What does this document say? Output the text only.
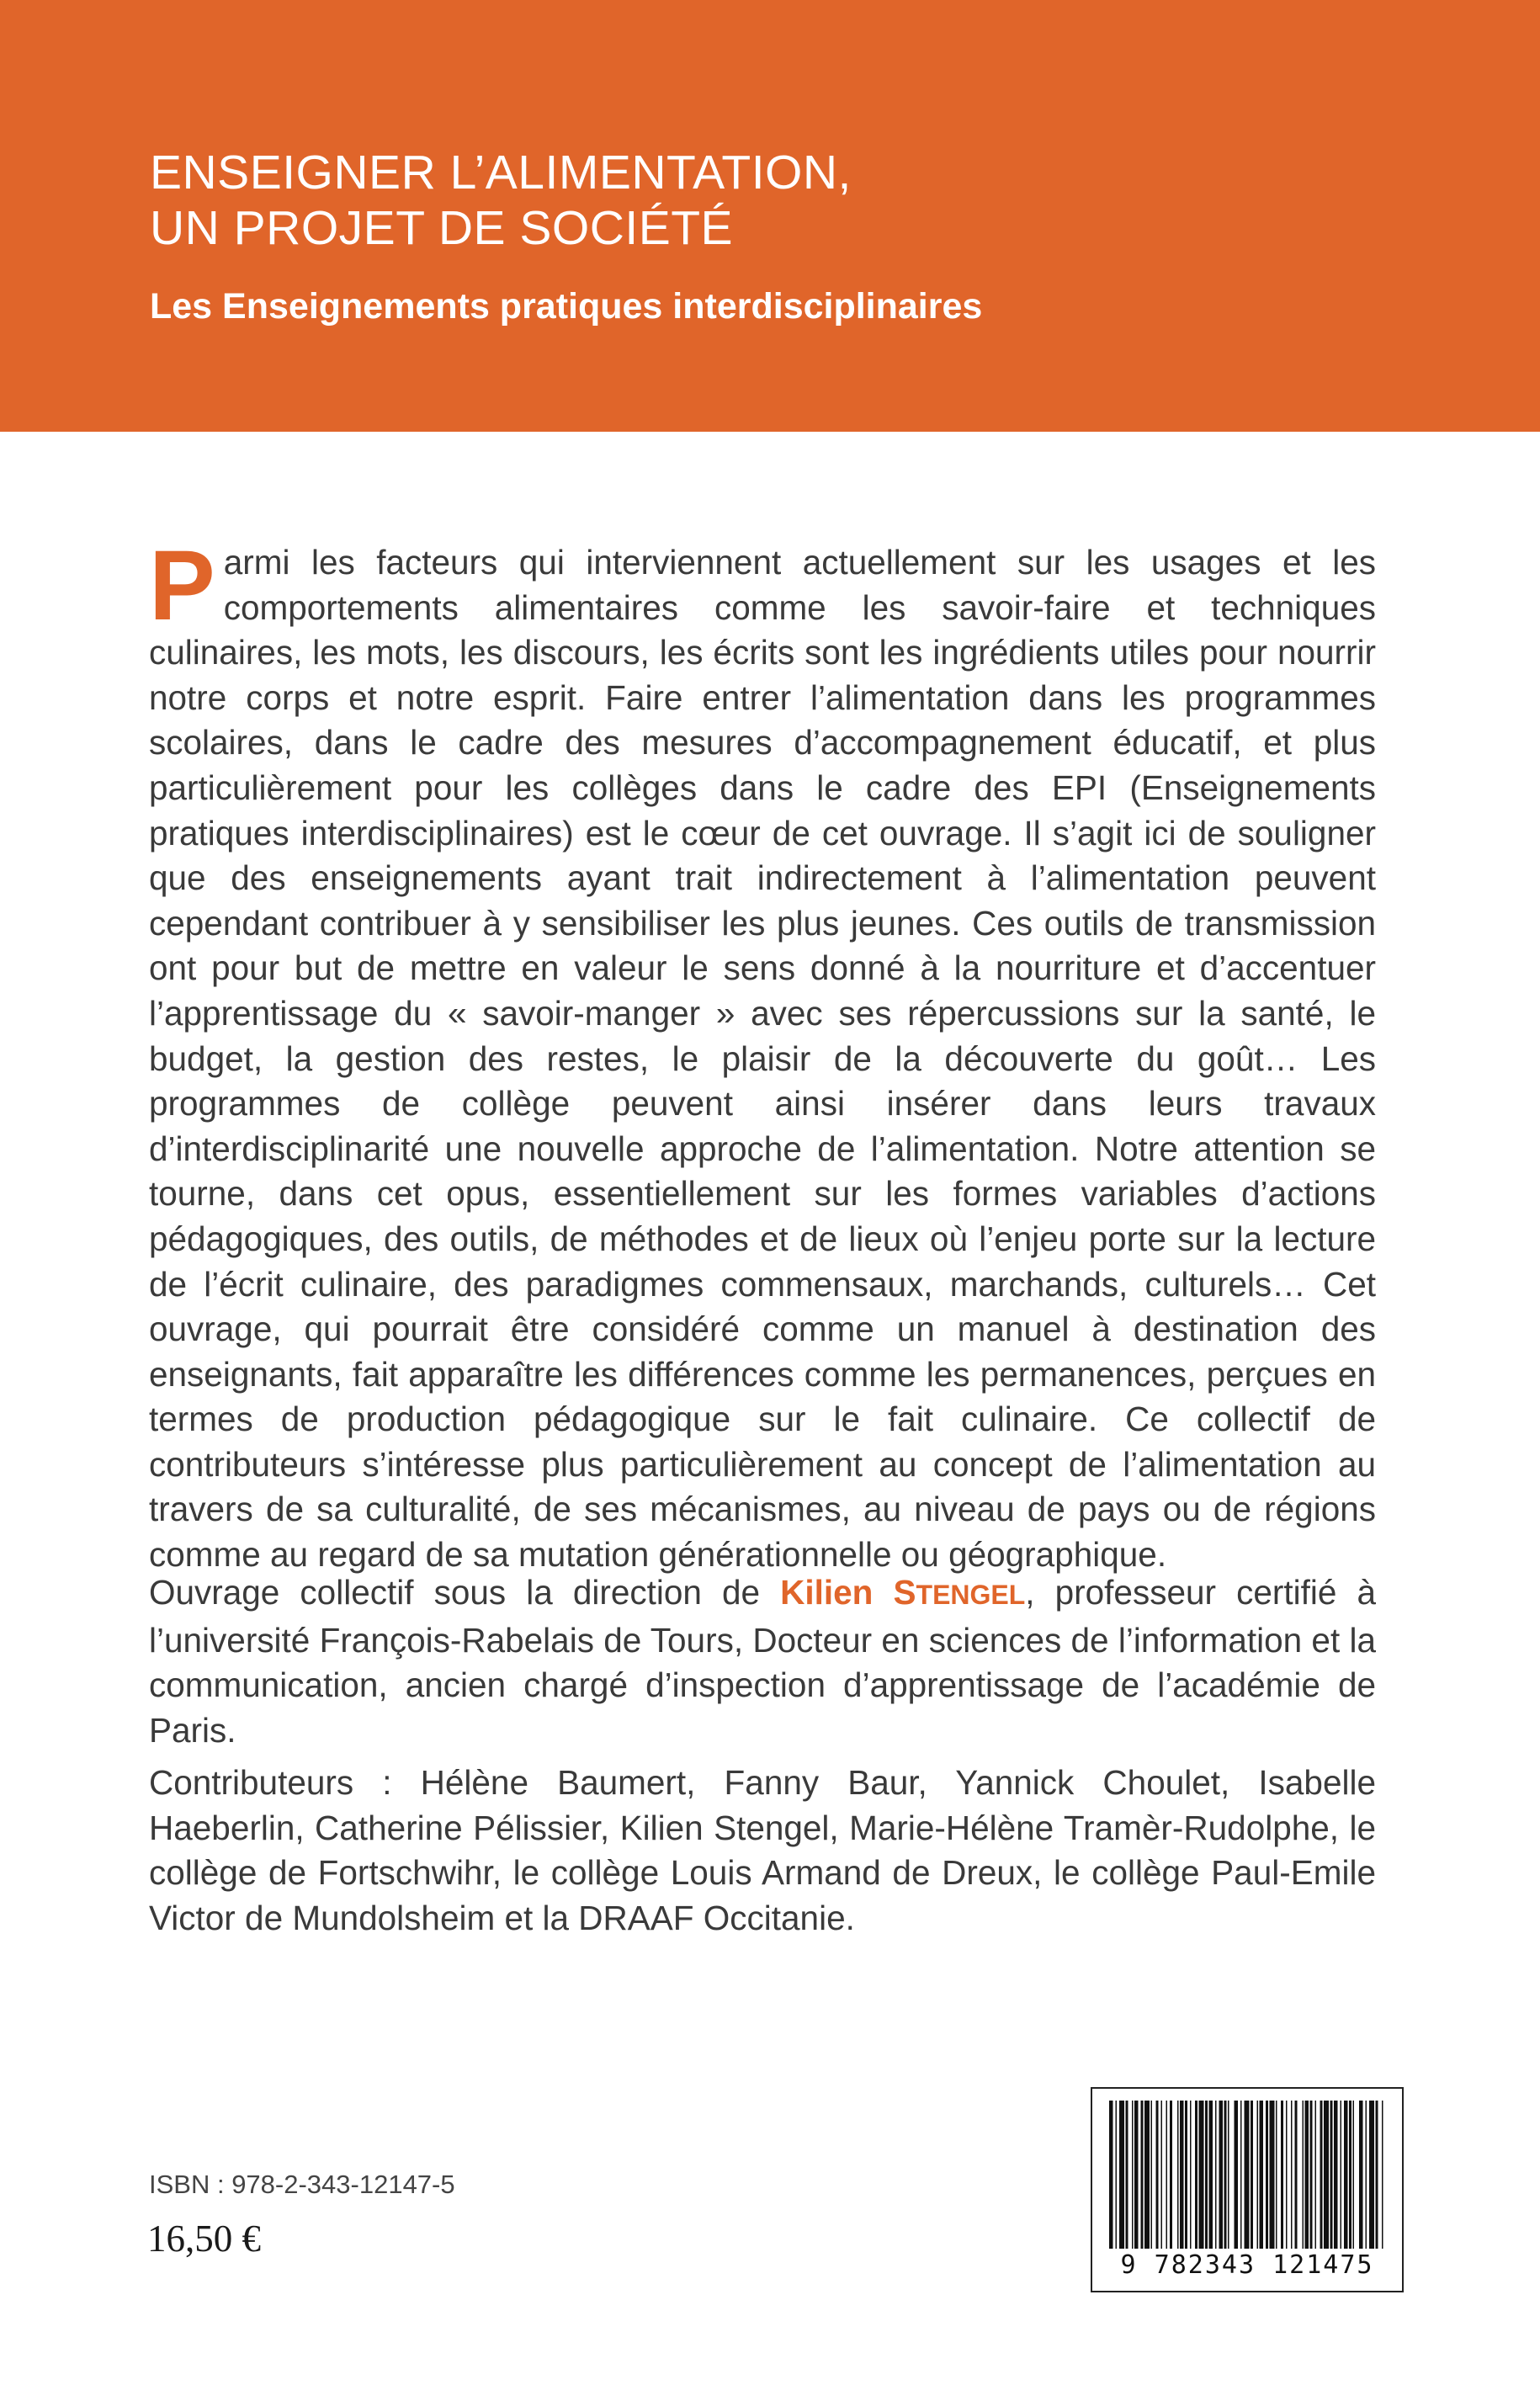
ENSEIGNER L’ALIMENTATION,
UN PROJET DE SOCIÉTÉ
Les Enseignements pratiques interdisciplinaires
Parmi les facteurs qui interviennent actuellement sur les usages et les comportements alimentaires comme les savoir-faire et techniques culinaires, les mots, les discours, les écrits sont les ingrédients utiles pour nourrir notre corps et notre esprit. Faire entrer l’alimentation dans les programmes scolaires, dans le cadre des mesures d’accompagnement éducatif, et plus particulièrement pour les collèges dans le cadre des EPI (Enseignements pratiques interdisciplinaires) est le cœur de cet ouvrage. Il s’agit ici de souligner que des enseignements ayant trait indirectement à l’alimentation peuvent cependant contribuer à y sensibiliser les plus jeunes. Ces outils de transmission ont pour but de mettre en valeur le sens donné à la nourriture et d’accentuer l’apprentissage du « savoir-manger » avec ses répercussions sur la santé, le budget, la gestion des restes, le plaisir de la découverte du goût… Les programmes de collège peuvent ainsi insérer dans leurs travaux d’interdisciplinarité une nouvelle approche de l’alimentation. Notre attention se tourne, dans cet opus, essentiellement sur les formes variables d’actions pédagogiques, des outils, de méthodes et de lieux où l’enjeu porte sur la lecture de l’écrit culinaire, des paradigmes commensaux, marchands, culturels… Cet ouvrage, qui pourrait être considéré comme un manuel à destination des enseignants, fait apparaître les différences comme les permanences, perçues en termes de production pédagogique sur le fait culinaire. Ce collectif de contributeurs s’intéresse plus particulièrement au concept de l’alimentation au travers de sa culturalité, de ses mécanismes, au niveau de pays ou de régions comme au regard de sa mutation générationnelle ou géographique.
Ouvrage collectif sous la direction de Kilien STENGEL, professeur certifié à l’université François-Rabelais de Tours, Docteur en sciences de l’information et la communication, ancien chargé d’inspection d’apprentissage de l’académie de Paris.
Contributeurs : Hélène Baumert, Fanny Baur, Yannick Choulet, Isabelle Haeberlin, Catherine Pélissier, Kilien Stengel, Marie-Hélène Tramèr-Rudolphe, le collège de Fortschwihr, le collège Louis Armand de Dreux, le collège Paul-Emile Victor de Mundolsheim et la DRAAF Occitanie.
ISBN : 978-2-343-12147-5
16,50 €
9 782343 121475
